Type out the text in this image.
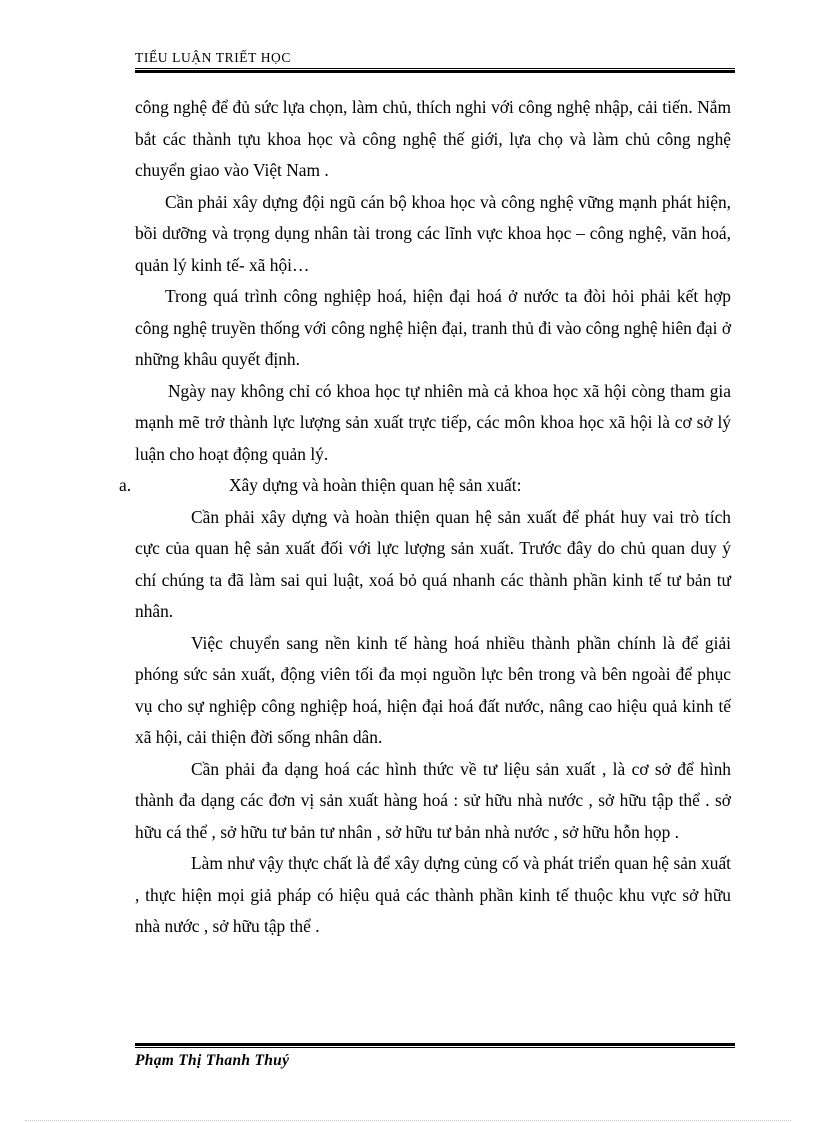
TIỂU LUẬN TRIẾT HỌC

công nghệ để đủ sức lựa chọn, làm chủ, thích nghi với công nghệ nhập, cải tiến. Nắm bắt các thành tựu khoa học và công nghệ thế giới, lựa chọ và làm chủ công nghệ chuyển giao vào Việt Nam .

Cần phải xây dựng đội ngũ cán bộ khoa học và công nghệ vững mạnh phát hiện, bồi dưỡng và trọng dụng nhân tài trong các lĩnh vực khoa học – công nghệ, văn hoá, quản lý kinh tế- xã hội…

Trong quá trình công nghiệp hoá, hiện đại hoá ở nước ta đòi hỏi phải kết hợp công nghệ truyền thống với công nghệ hiện đại, tranh thủ đi vào công nghệ hiên đại ở những khâu quyết định.

Ngày nay không chỉ có khoa học tự nhiên mà cả khoa học xã hội còng tham gia mạnh mẽ trở thành lực lượng sản xuất trực tiếp, các môn khoa học xã hội là cơ sở lý luận cho hoạt động quản lý.

a.	Xây dựng và hoàn thiện quan hệ sản xuất:

Cần phải xây dựng và hoàn thiện quan hệ sản xuất để phát huy vai trò tích cực của quan hệ sản xuất đối với lực lượng sản xuất. Trước đây do chủ quan duy ý chí chúng ta đã làm sai qui luật, xoá bỏ quá nhanh các thành phần kinh tế tư bản tư nhân.

Việc chuyển sang nền kinh tế hàng hoá nhiều thành phần chính là để giải phóng sức sản xuất, động viên tối đa mọi nguồn lực bên trong và bên ngoài để phục vụ cho sự nghiệp công nghiệp hoá, hiện đại hoá đất nước, nâng cao hiệu quả kinh tế xã hội, cải thiện đời sống nhân dân.

Cần phải đa dạng hoá các hình thức về tư liệu sản xuất , là cơ sở để hình thành đa dạng các đơn vị sản xuất hàng hoá : sử hữu nhà nước , sở hữu tập thể . sở hữu cá thể , sở hữu tư bản tư nhân , sở hữu tư bản nhà nước , sở hữu hỗn họp .

Làm như vậy thực chất là để xây dựng củng cố và phát triển quan hệ sản xuất , thực hiện mọi giả pháp có hiệu quả các thành phần kinh tế thuộc khu vực sở hữu nhà nước , sở hữu tập thể .

Phạm Thị Thanh Thuý
